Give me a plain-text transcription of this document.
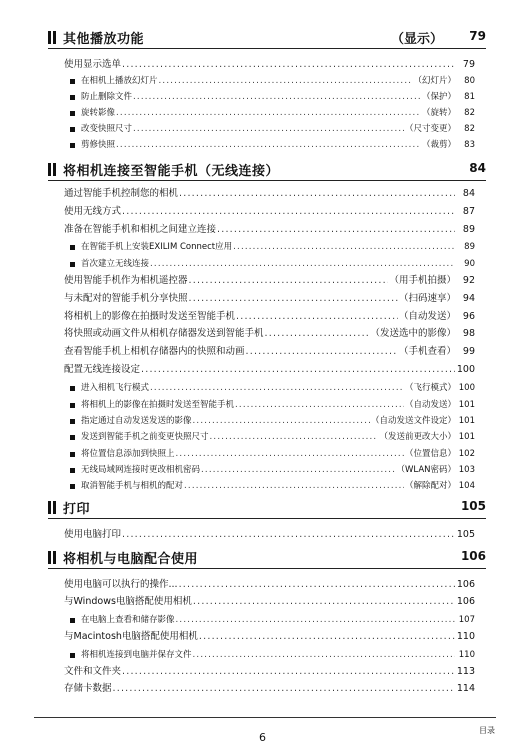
其他播放功能	（显示） 79
使用显示选单 .....	79
在相机上播放幻灯片 .....	（幻灯片） 80
防止删除文件 .....	（保护） 81
旋转影像 .....	（旋转） 82
改变快照尺寸 .....	（尺寸变更） 82
剪修快照 .....	（裁剪） 83
将相机连接至智能手机（无线连接）	84
通过智能手机控制您的相机 .....	84
使用无线方式 .....	87
准备在智能手机和相机之间建立连接 .....	89
在智能手机上安装EXILIM Connect应用 .....	89
首次建立无线连接 .....	90
使用智能手机作为相机遥控器 .....	（用手机拍摄） 92
与未配对的智能手机分享快照 .....	（扫码速享） 94
将相机上的影像在拍摄时发送至智能手机 .....	（自动发送） 96
将快照或动画文件从相机存储器发送到智能手机 .....	（发送选中的影像） 98
查看智能手机上相机存储器内的快照和动画 .....	（手机查看） 99
配置无线连接设定 .....	100
进入相机飞行模式 .....	（飞行模式） 100
将相机上的影像在拍摄时发送至智能手机 .....	（自动发送） 101
指定通过自动发送发送的影像 .....	（自动发送文件设定） 101
发送到智能手机之前变更快照尺寸 .....	（发送前更改大小） 101
将位置信息添加到快照上 .....	（位置信息） 102
无线局域网连接时更改相机密码 .....	（WLAN密码） 103
取消智能手机与相机的配对 .....	（解除配对） 104
打印	105
使用电脑打印 .....	105
将相机与电脑配合使用	106
使用电脑可以执行的操作... .....	106
与Windows电脑搭配使用相机 .....	106
在电脑上查看和储存影像 .....	107
与Macintosh电脑搭配使用相机 .....	110
将相机连接到电脑并保存文件 .....	110
文件和文件夹 .....	113
存储卡数据 .....	114
6
目录
